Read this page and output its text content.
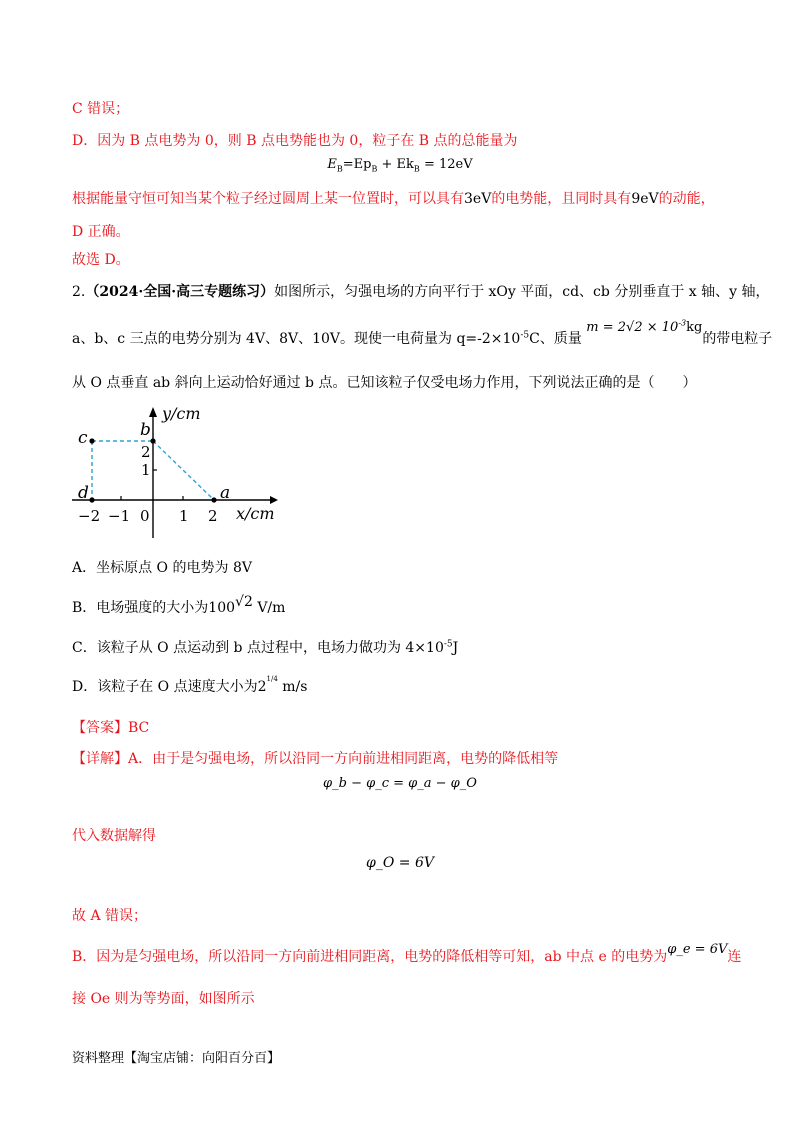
C 错误；
D．因为 B 点电势为 0，则 B 点电势能也为 0，粒子在 B 点的总能量为
$E_B=Ep_B + Ek_B = 12eV$
根据能量守恒可知当某个粒子经过圆周上某一位置时，可以具有3eV的电势能，且同时具有9eV的动能，
D 正确。
故选 D。
2.（2024·全国·高三专题练习）如图所示，匀强电场的方向平行于 xOy 平面，cd、cb 分别垂直于 x 轴、y 轴，
a、b、c 三点的电势分别为 4V、8V、10V。现使一电荷量为 $q=-2\times 10^{-5}C$、质量 $m = 2√2 \times 10^{-3}kg$的带电粒子
从 O 点垂直 ab 斜向上运动恰好通过 b 点。已知该粒子仅受电场力作用，下列说法正确的是（　　）
y/cm
x/cm
c	b
d	a
2
1
−2 −1 0 1 2
A．坐标原点 O 的电势为 8V
B．电场强度的大小为100√2 V/m
C．该粒子从 O 点运动到 b 点过程中，电场力做功为 $4\times 10^{-5}J$
D．该粒子在 O 点速度大小为$2^{1/4}$ m/s
【答案】BC
【详解】A．由于是匀强电场，所以沿同一方向前进相同距离，电势的降低相等
φ_b − φ_c = φ_a − φ_O
代入数据解得
φ_O = 6V
故 A 错误；
B．因为是匀强电场，所以沿同一方向前进相同距离，电势的降低相等可知，ab 中点 e 的电势为φ_e = 6V连
接 Oe 则为等势面，如图所示
资料整理【淘宝店铺：向阳百分百】
